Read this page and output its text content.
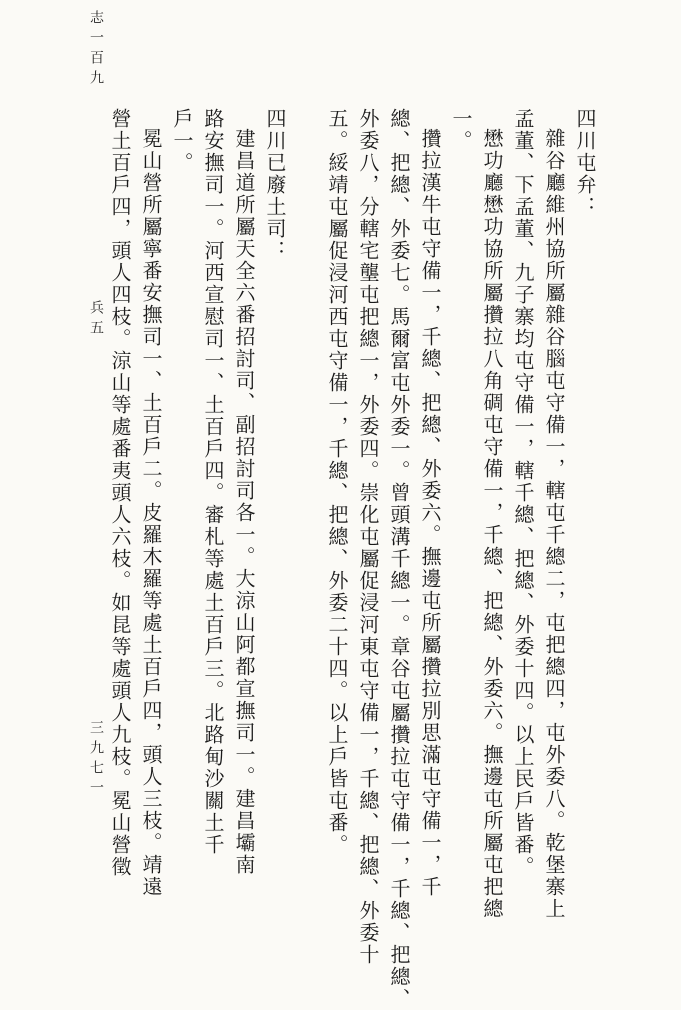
志一百九
兵五
三九七一
四川屯弁：
雜谷廳維州協所屬雜谷腦屯守備一，轄屯千總二，屯把總四，屯外委八。乾堡寨上
孟董、下孟董、九子寨均屯守備一，轄千總、把總、外委十四。以上民戶皆番。
懋功廳懋功協所屬攢拉八角碉屯守備一，千總、把總、外委六。撫邊屯所屬屯把總
一。
攢拉漢牛屯守備一，千總、把總、外委六。撫邊屯所屬攢拉別思滿屯守備一，千
總、把總、外委七。馬爾富屯外委一。曾頭溝千總一。章谷屯屬攢拉屯守備一，千總、把總、
外委八，分轄宅壟屯把總一，外委四。崇化屯屬促浸河東屯守備一，千總、把總、外委十
五。綏靖屯屬促浸河西屯守備一，千總、把總、外委二十四。以上戶皆屯番。
四川已廢土司：
建昌道所屬天全六番招討司、副招討司各一。大涼山阿都宣撫司一。建昌壩南
路安撫司一。河西宣慰司一、土百戶四。審札等處土百戶三。北路甸沙關土千
戶一。
冕山營所屬寧番安撫司一、土百戶二。皮羅木羅等處土百戶四，頭人三枝。靖遠
營土百戶四，頭人四枝。涼山等處番夷頭人六枝。如昆等處頭人九枝。冕山營徵
